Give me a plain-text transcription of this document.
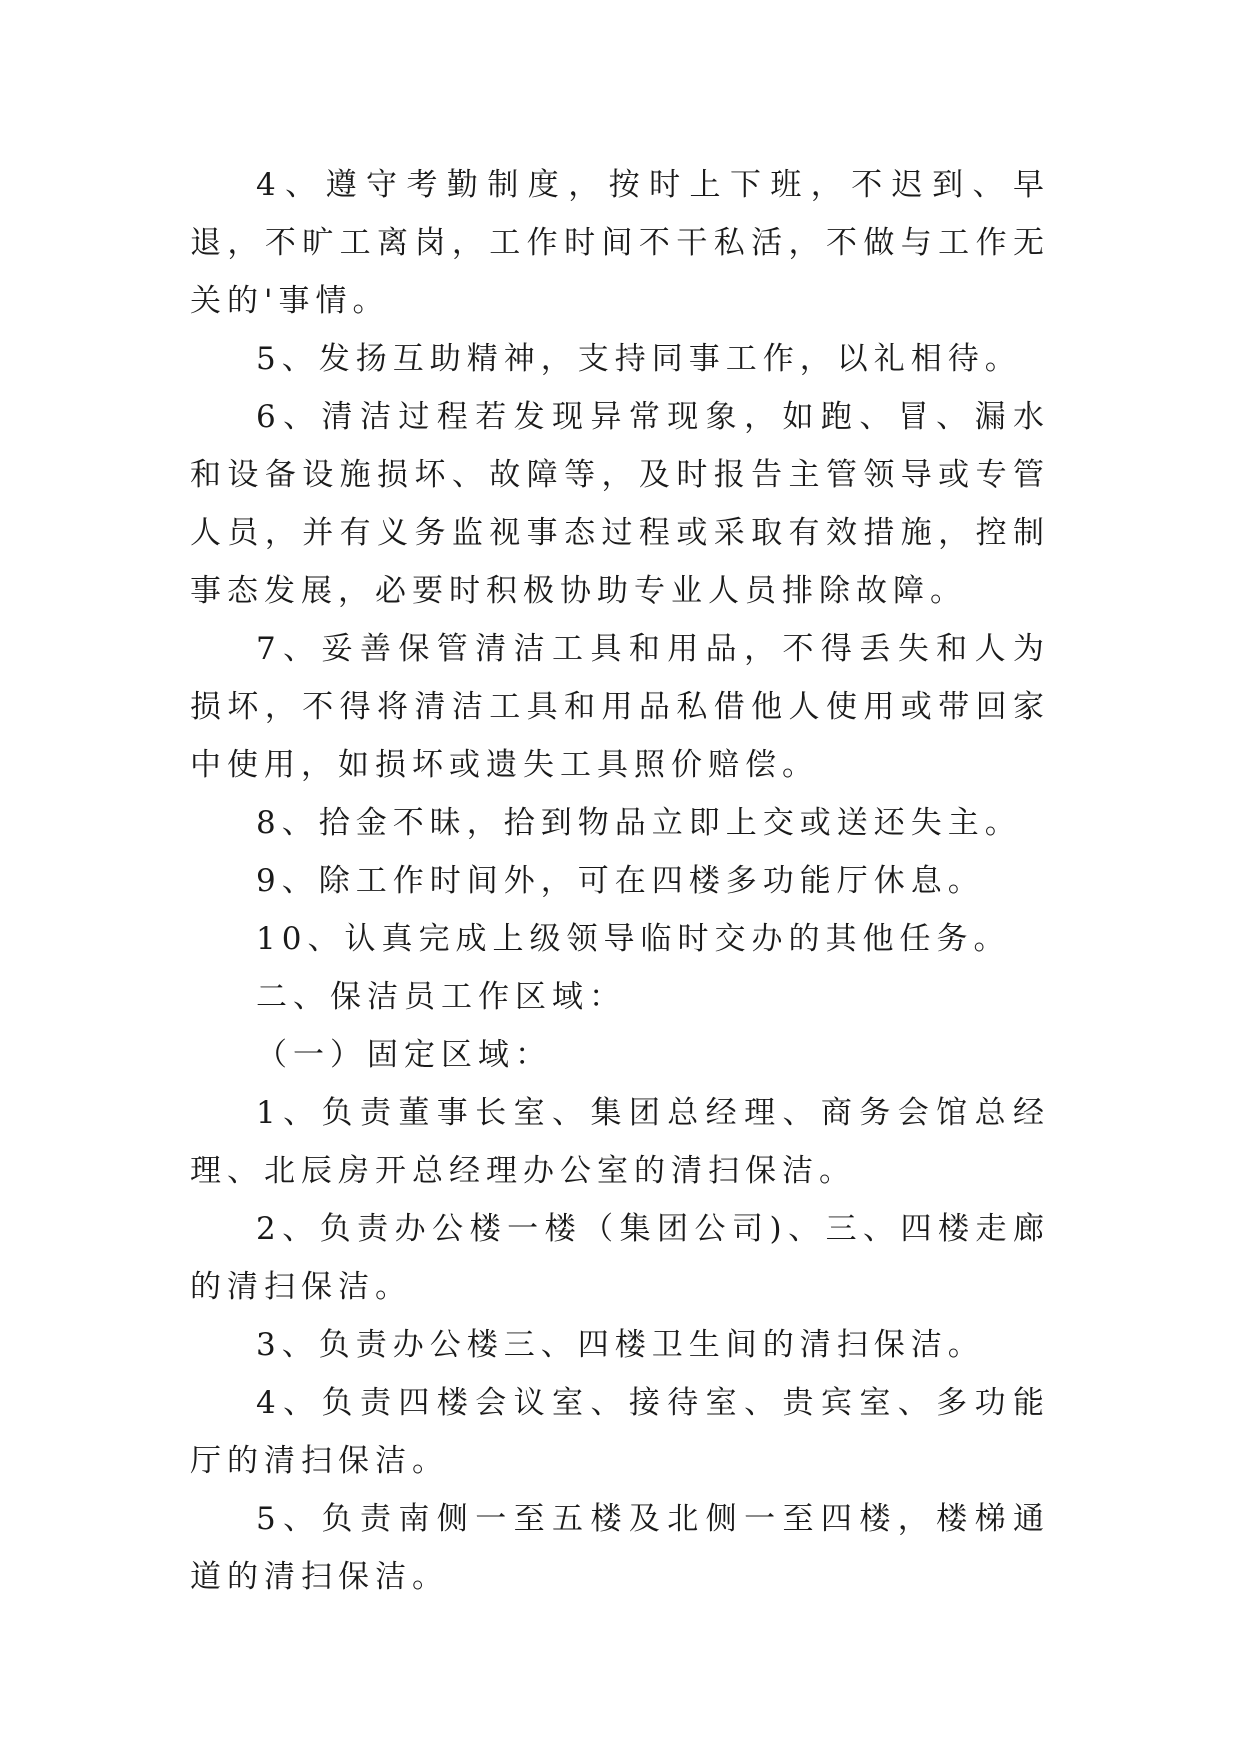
4、遵守考勤制度，按时上下班，不迟到、早退，不旷工离岗，工作时间不干私活，不做与工作无关的'事情。

5、发扬互助精神，支持同事工作，以礼相待。

6、清洁过程若发现异常现象，如跑、冒、漏水和设备设施损坏、故障等，及时报告主管领导或专管人员，并有义务监视事态过程或采取有效措施，控制事态发展，必要时积极协助专业人员排除故障。

7、妥善保管清洁工具和用品，不得丢失和人为损坏，不得将清洁工具和用品私借他人使用或带回家中使用，如损坏或遗失工具照价赔偿。

8、拾金不昧，拾到物品立即上交或送还失主。

9、除工作时间外，可在四楼多功能厅休息。

10、认真完成上级领导临时交办的其他任务。

二、保洁员工作区域：

（一）固定区域：

1、负责董事长室、集团总经理、商务会馆总经理、北辰房开总经理办公室的清扫保洁。

2、负责办公楼一楼（集团公司)、三、四楼走廊的清扫保洁。

3、负责办公楼三、四楼卫生间的清扫保洁。

4、负责四楼会议室、接待室、贵宾室、多功能厅的清扫保洁。

5、负责南侧一至五楼及北侧一至四楼，楼梯通道的清扫保洁。
